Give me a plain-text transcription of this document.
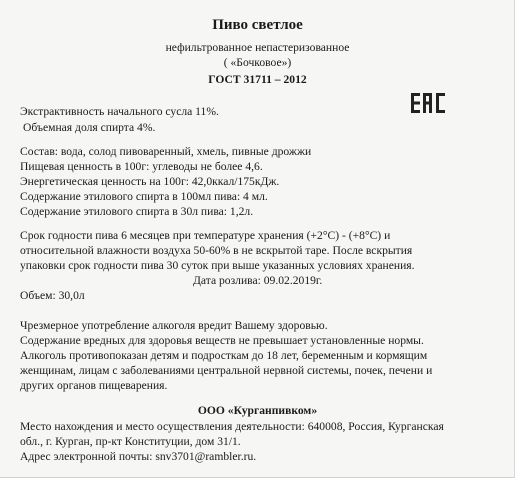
Пиво светлое
нефильтрованное непастеризованное
( «Бочковое»)
ГОСТ 31711 – 2012
Экстрактивность начального сусла 11%.
Объемная доля спирта 4%.
Состав: вода, солод пивоваренный, хмель, пивные дрожжи
Пищевая ценность в 100г: углеводы не более 4,6.
Энергетическая ценность на 100г: 42,0ккал/175кДж.
Содержание этилового спирта в 100мл пива: 4 мл.
Содержание этилового спирта в 30л пива: 1,2л.
Срок годности пива 6 месяцев при температуре хранения (+2°С) - (+8°С) и
относительной влажности воздуха 50-60% в не вскрытой таре. После вскрытия
упаковки срок годности пива 30 суток при выше указанных условиях хранения.
Дата розлива: 09.02.2019г.
Объем: 30,0л
Чрезмерное употребление алкоголя вредит Вашему здоровью.
Содержание вредных для здоровья веществ не превышает установленные нормы.
Алкоголь противопоказан детям и подросткам до 18 лет, беременным и кормящим
женщинам, лицам с заболеваниями центральной нервной системы, почек, печени и
других органов пищеварения.
ООО «Курганпивком»
Место нахождения и место осуществления деятельности: 640008, Россия, Курганская
обл., г. Курган, пр-кт Конституции, дом 31/1.
Адрес электронной почты: snv3701@rambler.ru.
